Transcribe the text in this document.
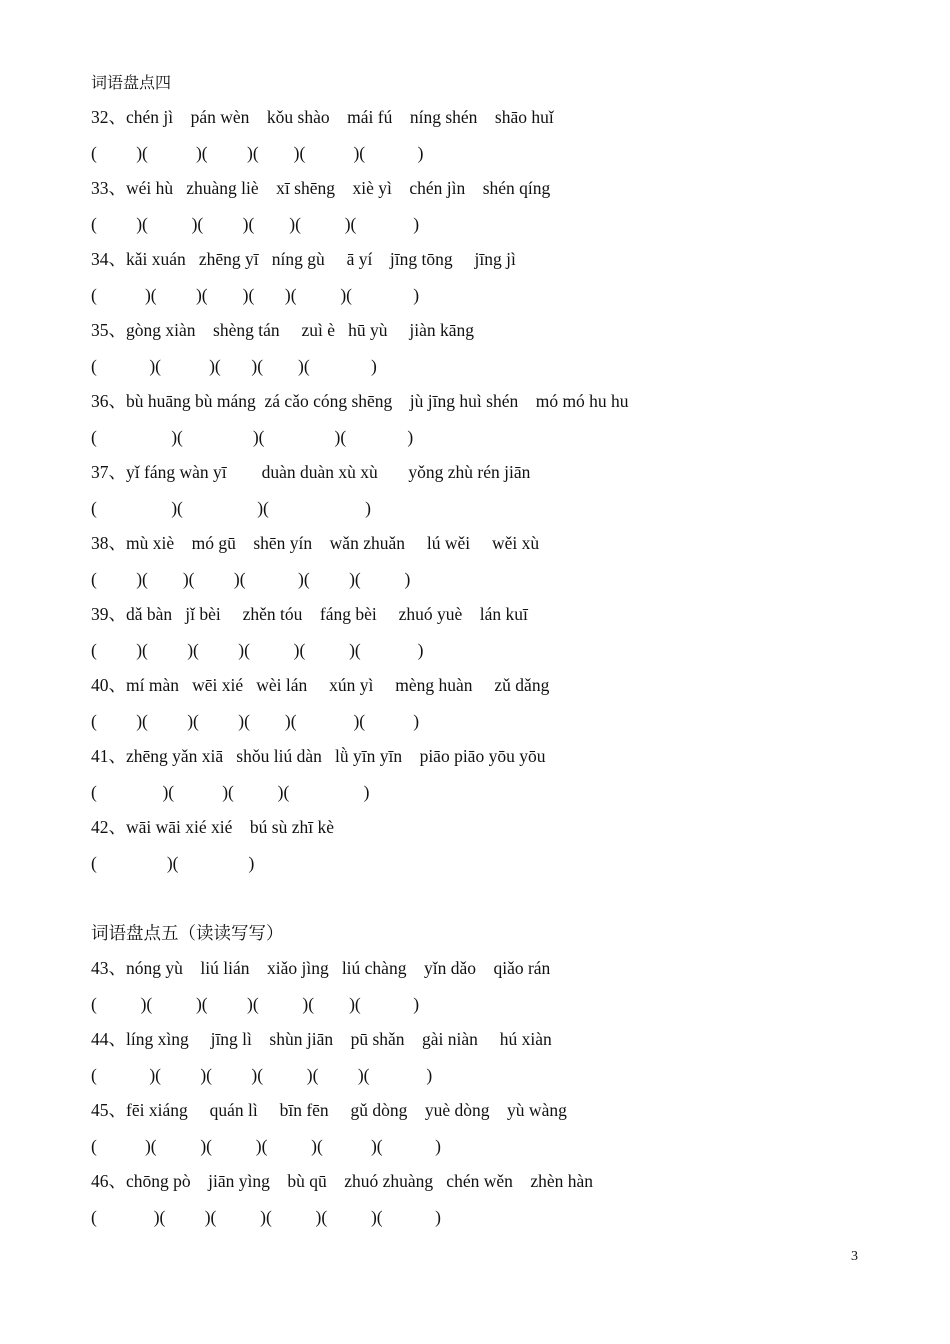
词语盘点四
32、chén jì    pán wèn    kǒu shào    mái fú    níng shén    shāo huǐ
(         )(           )(         )(        )(           )(            )
33、wéi hù   zhuàng liè    xī shēng    xiè yì    chén jìn    shén qíng
(         )(          )(         )(        )(          )(             )
34、kǎi xuán   zhēng yī   níng gù     ā yí    jīng tōng     jīng jì
(           )(         )(        )(       )(          )(              )
35、gòng xiàn    shèng tán     zuì è   hū yù     jiàn kāng
(            )(           )(       )(        )(              )
36、bù huāng bù máng  zá cǎo cóng shēng    jù jīng huì shén    mó mó hu hu
(                 )(                )(                )(              )
37、yǐ fáng wàn yī        duàn duàn xù xù       yǒng zhù rén jiān
(                 )(                 )(                      )
38、mù xiè    mó gū    shēn yín    wǎn zhuǎn     lú wěi     wěi xù
(         )(        )(         )(            )(         )(          )
39、dǎ bàn   jǐ bèi     zhěn tóu    fáng bèi     zhuó yuè    lán kuī
(         )(         )(         )(          )(          )(             )
40、mí màn   wēi xié   wèi lán     xún yì     mèng huàn     zǔ dǎng
(         )(         )(         )(        )(             )(           )
41、zhēng yǎn xiā   shǒu liú dàn   lǜ yīn yīn    piāo piāo yōu yōu
(               )(           )(          )(                 )
42、wāi wāi xié xié    bú sù zhī kè
(                )(                )
词语盘点五（读读写写）
43、nóng yù    liú lián    xiǎo jìng   liú chàng    yǐn dǎo    qiǎo rán
(          )(          )(         )(          )(        )(            )
44、líng xìng     jīng lì    shùn jiān    pū shǎn    gài niàn     hú xiàn
(            )(         )(         )(          )(         )(             )
45、fēi xiáng     quán lì     bīn fēn     gǔ dòng    yuè dòng    yù wàng
(           )(          )(          )(          )(           )(            )
46、chōng pò    jiān yìng    bù qū    zhuó zhuàng   chén wěn    zhèn hàn
(             )(         )(          )(          )(          )(            )
3
